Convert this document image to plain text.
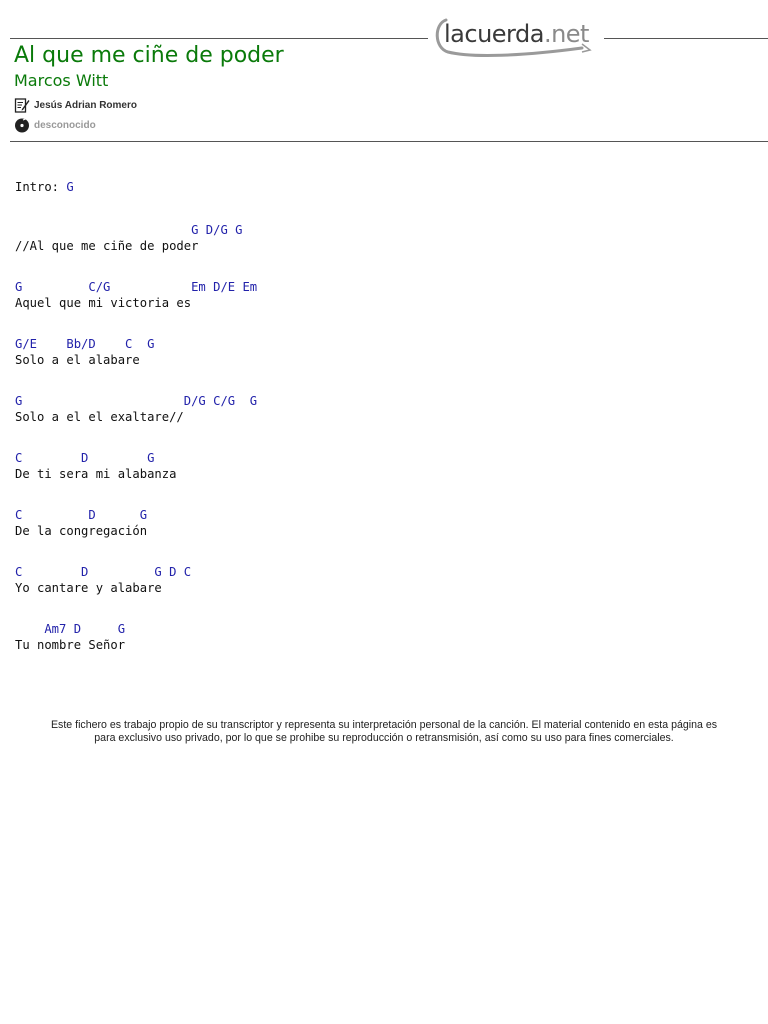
lacuerda.net
Al que me ciñe de poder
Marcos Witt
Jesús Adrian Romero
desconocido
Intro: G
G D/G G
//Al que me ciñe de poder
G         C/G           Em D/E Em
Aquel que mi victoria es
G/E    Bb/D    C  G
Solo a el alabare
G                      D/G C/G  G
Solo a el el exaltare//
C        D        G
De ti sera mi alabanza
C         D      G
De la congregación
C        D         G D C
Yo cantare y alabare
Am7 D     G
Tu nombre Señor
Este fichero es trabajo propio de su transcriptor y representa su interpretación personal de la canción. El material contenido en esta página es
para exclusivo uso privado, por lo que se prohibe su reproducción o retransmisión, así como su uso para fines comerciales.
